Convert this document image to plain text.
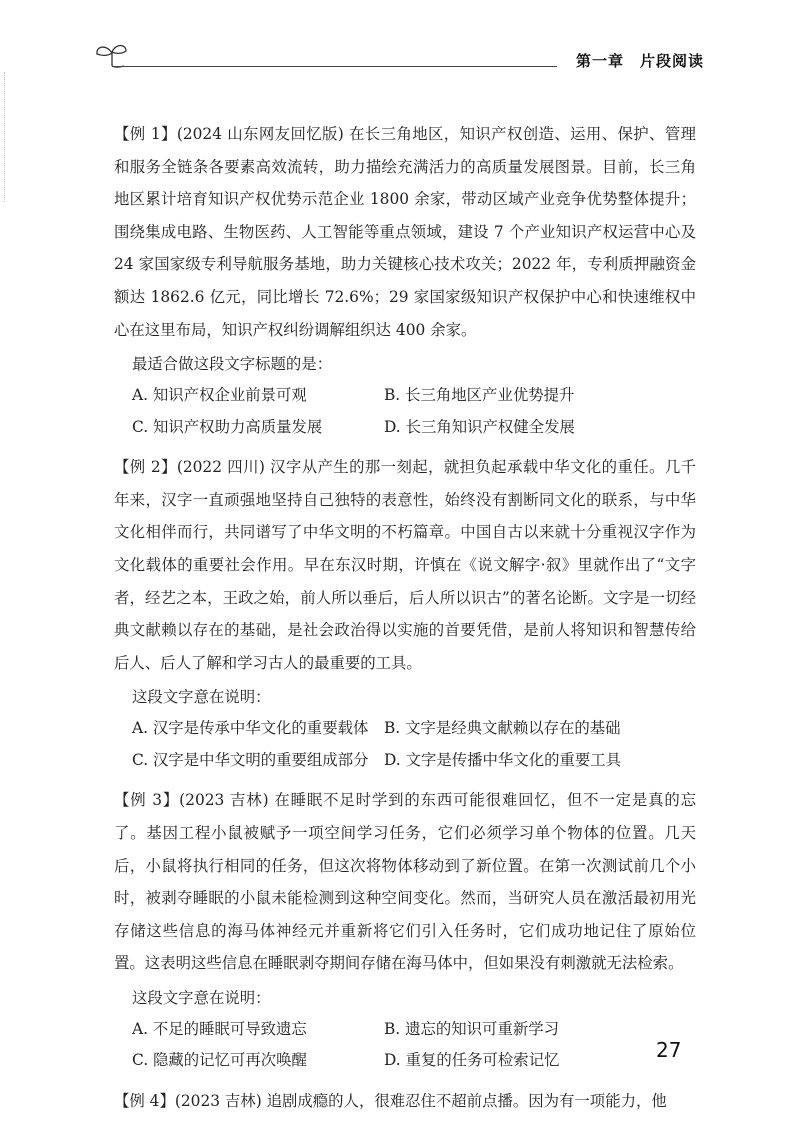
第一章 片段阅读

【例 1】(2024 山东网友回忆版) 在长三角地区，知识产权创造、运用、保护、管理和服务全链条各要素高效流转，助力描绘充满活力的高质量发展图景。目前，长三角地区累计培育知识产权优势示范企业 1800 余家，带动区域产业竞争优势整体提升；围绕集成电路、生物医药、人工智能等重点领域，建设 7 个产业知识产权运营中心及 24 家国家级专利导航服务基地，助力关键核心技术攻关；2022 年，专利质押融资金额达 1862.6 亿元，同比增长 72.6%；29 家国家级知识产权保护中心和快速维权中心在这里布局，知识产权纠纷调解组织达 400 余家。

最适合做这段文字标题的是：
A. 知识产权企业前景可观	B. 长三角地区产业优势提升
C. 知识产权助力高质量发展	D. 长三角知识产权健全发展

【例 2】(2022 四川) 汉字从产生的那一刻起，就担负起承载中华文化的重任。几千年来，汉字一直顽强地坚持自己独特的表意性，始终没有割断同文化的联系，与中华文化相伴而行，共同谱写了中华文明的不朽篇章。中国自古以来就十分重视汉字作为文化载体的重要社会作用。早在东汉时期，许慎在《说文解字·叙》里就作出了“文字者，经艺之本，王政之始，前人所以垂后，后人所以识古”的著名论断。文字是一切经典文献赖以存在的基础，是社会政治得以实施的首要凭借，是前人将知识和智慧传给后人、后人了解和学习古人的最重要的工具。

这段文字意在说明：
A. 汉字是传承中华文化的重要载体	B. 文字是经典文献赖以存在的基础
C. 汉字是中华文明的重要组成部分	D. 文字是传播中华文化的重要工具

【例 3】(2023 吉林) 在睡眠不足时学到的东西可能很难回忆，但不一定是真的忘了。基因工程小鼠被赋予一项空间学习任务，它们必须学习单个物体的位置。几天后，小鼠将执行相同的任务，但这次将物体移动到了新位置。在第一次测试前几个小时，被剥夺睡眠的小鼠未能检测到这种空间变化。然而，当研究人员在激活最初用光存储这些信息的海马体神经元并重新将它们引入任务时，它们成功地记住了原始位置。这表明这些信息在睡眠剥夺期间存储在海马体中，但如果没有刺激就无法检索。

这段文字意在说明：
A. 不足的睡眠可导致遗忘	B. 遗忘的知识可重新学习
C. 隐藏的记忆可再次唤醒	D. 重复的任务可检索记忆

【例 4】(2023 吉林) 追剧成瘾的人，很难忍住不超前点播。因为有一项能力，他

27
